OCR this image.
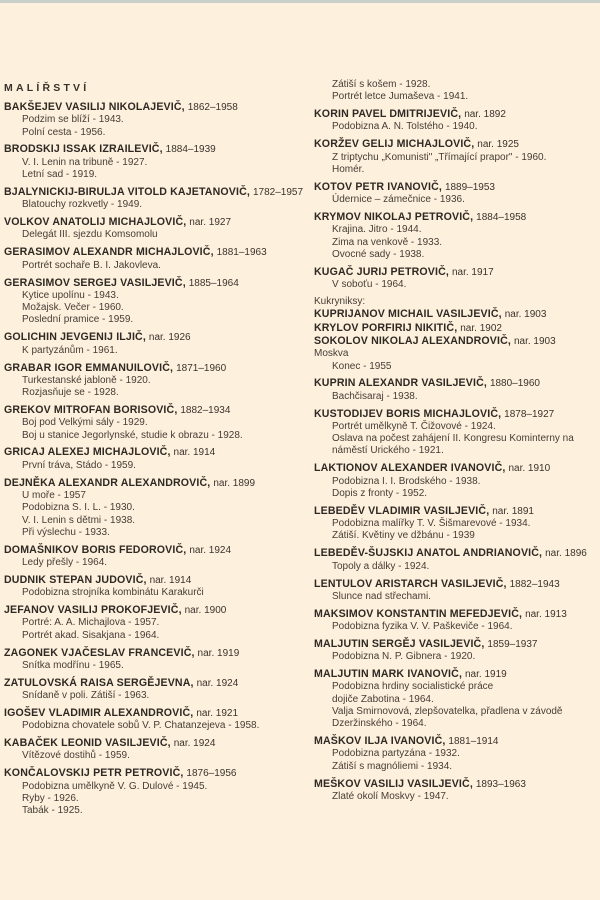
MALÍŘSTVÍ
BAKŠEJEV VASILIJ NIKOLAJEVIČ, 1862–1958
Podzim se blíží - 1943.
Polní cesta - 1956.
BRODSKIJ ISSAK IZRAILEVIČ, 1884–1939
V. I. Lenin na tribuně - 1927.
Letní sad - 1919.
BJALYNICKIJ-BIRULJA VITOLD KAJETANOVIČ, 1782–1957
Blatouchy rozkvetly - 1949.
VOLKOV ANATOLIJ MICHAJLOVIČ, nar. 1927
Delegát III. sjezdu Komsomolu
GERASIMOV ALEXANDR MICHAJLOVIČ, 1881–1963
Portrét sochaře B. I. Jakovleva.
GERASIMOV SERGEJ VASILJEVIČ, 1885–1964
Kytice upolínu - 1943.
Možajsk. Večer - 1960.
Poslední pramice - 1959.
GOLICHIN JEVGENIJ ILJIČ, nar. 1926
K partyzánům - 1961.
GRABAR IGOR EMMANUILOVIČ, 1871–1960
Turkestanské jabloně - 1920.
Rozjasňuje se - 1928.
GREKOV MITROFAN BORISOVIČ, 1882–1934
Boj pod Velkými sály - 1929.
Boj u stanice Jegorlynské, studie k obrazu - 1928.
GRICAJ ALEXEJ MICHAJLOVIČ, nar. 1914
První tráva, Stádo - 1959.
DEJNĚKA ALEXANDR ALEXANDROVIČ, nar. 1899
U moře - 1957
Podobizna S. I. L. - 1930.
V. I. Lenin s dětmi - 1938.
Při výslechu - 1933.
DOMAŠNIKOV BORIS FEDOROVIČ, nar. 1924
Ledy přešly - 1964.
DUDNIK STEPAN JUDOVIČ, nar. 1914
Podobizna strojníka kombinátu Karakurči
JEFANOV VASILIJ PROKOFJEVIČ, nar. 1900
Portré: A. A. Michajlova - 1957.
Portrét akad. Sisakjana - 1964.
ZAGONEK VJAČESLAV FRANCEVIČ, nar. 1919
Snítka modřínu - 1965.
ZATULOVSKÁ RAISA SERGĚJEVNA, nar. 1924
Snídaně v poli. Zátiší - 1963.
IGOŠEV VLADIMIR ALEXANDROVIČ, nar. 1921
Podobizna chovatele sobů V. P. Chatanzejeva - 1958.
KABAČEK LEONID VASILJEVIČ, nar. 1924
Vítězové dostihů - 1959.
KONČALOVSKIJ PETR PETROVIČ, 1876–1956
Podobizna umělkyně V. G. Dulové - 1945.
Ryby - 1926.
Tabák - 1925.
Zátiší s košem - 1928.
Portrét letce Jumaševa - 1941.
KORIN PAVEL DMITRIJEVIČ, nar. 1892
Podobizna A. N. Tolstého - 1940.
KORŽEV GELIJ MICHAJLOVIČ, nar. 1925
Z triptychu „Komunisti" „Třímající prapor" - 1960.
Homér.
KOTOV PETR IVANOVIČ, 1889–1953
Údernice – zámečnice - 1936.
KRYMOV NIKOLAJ PETROVIČ, 1884–1958
Krajina. Jitro - 1944.
Zima na venkově - 1933.
Ovocné sady - 1938.
KUGAČ JURIJ PETROVIČ, nar. 1917
V soboťu - 1964.
Kukryniksy:
KUPRIJANOV MICHAIL VASILJEVIČ, nar. 1903
KRYLOV PORFIRIJ NIKITIČ, nar. 1902
SOKOLOV NIKOLAJ ALEXANDROVIČ, nar. 1903
Moskva
Konec - 1955
KUPRIN ALEXANDR VASILJEVIČ, 1880–1960
Bachčisaraj - 1938.
KUSTODIJEV BORIS MICHAJLOVIČ, 1878–1927
Portrét umělkyně T. Čižovové - 1924.
Oslava na počest zahájení II. Kongresu Kominterny na
náměstí Urického - 1921.
LAKTIONOV ALEXANDER IVANOVIČ, nar. 1910
Podobizna I. I. Brodského - 1938.
Dopis z fronty - 1952.
LEBEDĚV VLADIMIR VASILJEVIČ, nar. 1891
Podobizna malířky T. V. Šišmarevové - 1934.
Zátiší. Květiny ve džbánu - 1939
LEBEDĚV-ŠUJSKIJ ANATOL ANDRIANOVIČ, nar. 1896
Topoly a dálky - 1924.
LENTULOV ARISTARCH VASILJEVIČ, 1882–1943
Slunce nad střechami.
MAKSIMOV KONSTANTIN MEFEDJEVIČ, nar. 1913
Podobizna fyzika V. V. Paškeviče - 1964.
MALJUTIN SERGĚJ VASILJEVIČ, 1859–1937
Podobizna N. P. Gibnera - 1920.
MALJUTIN MARK IVANOVIČ, nar. 1919
Podobizna hrdiny socialistické práce
dojiče Zabotina - 1964.
Valja Smirnovová, zlepšovatelka, přadlena v závodě
Dzeržinského - 1964.
MAŠKOV ILJA IVANOVIČ, 1881–1914
Podobizna partyzána - 1932.
Zátiší s magnóliemi - 1934.
MEŠKOV VASILIJ VASILJEVIČ, 1893–1963
Zlaté okolí Moskvy - 1947.
